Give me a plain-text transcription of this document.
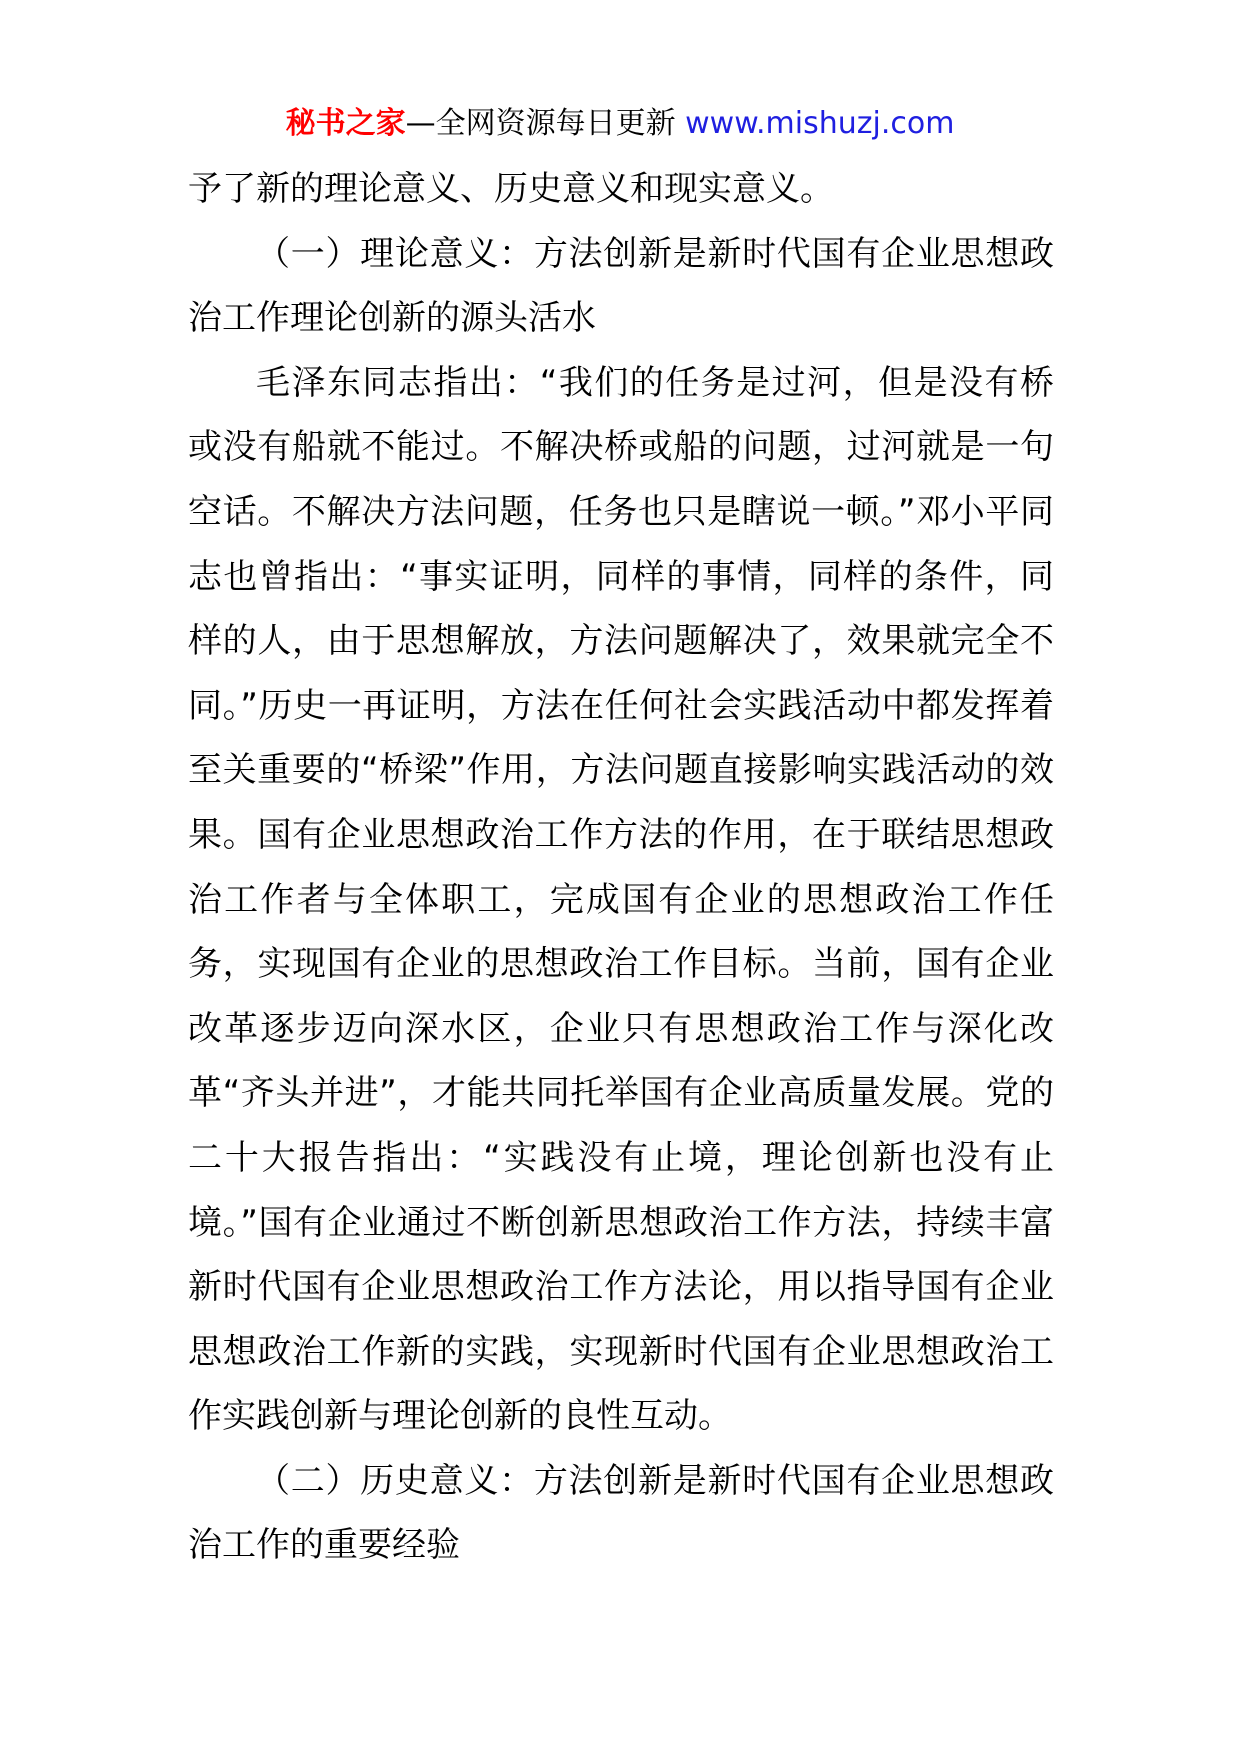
秘书之家—全网资源每日更新 www.mishuzj.com

予了新的理论意义、历史意义和现实意义。

（一）理论意义：方法创新是新时代国有企业思想政治工作理论创新的源头活水

毛泽东同志指出：“我们的任务是过河，但是没有桥或没有船就不能过。不解决桥或船的问题，过河就是一句空话。不解决方法问题，任务也只是瞎说一顿。”邓小平同志也曾指出：“事实证明，同样的事情，同样的条件，同样的人，由于思想解放，方法问题解决了，效果就完全不同。”历史一再证明，方法在任何社会实践活动中都发挥着至关重要的“桥梁”作用，方法问题直接影响实践活动的效果。国有企业思想政治工作方法的作用，在于联结思想政治工作者与全体职工，完成国有企业的思想政治工作任务，实现国有企业的思想政治工作目标。当前，国有企业改革逐步迈向深水区，企业只有思想政治工作与深化改革“齐头并进”，才能共同托举国有企业高质量发展。党的二十大报告指出：“实践没有止境，理论创新也没有止境。”国有企业通过不断创新思想政治工作方法，持续丰富新时代国有企业思想政治工作方法论，用以指导国有企业思想政治工作新的实践，实现新时代国有企业思想政治工作实践创新与理论创新的良性互动。

（二）历史意义：方法创新是新时代国有企业思想政治工作的重要经验
